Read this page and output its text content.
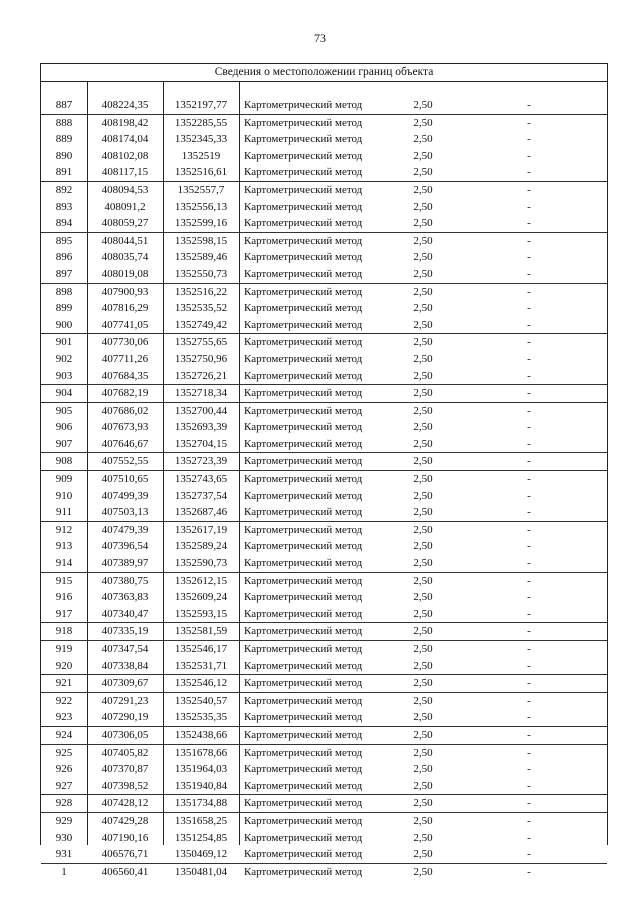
73
Сведения о местоположении границ объекта
887	408224,35	1352197,77	Картометрический метод	2,50	-
888	408198,42	1352285,55	Картометрический метод	2,50	-
889	408174,04	1352345,33	Картометрический метод	2,50	-
890	408102,08	1352519	Картометрический метод	2,50	-
891	408117,15	1352516,61	Картометрический метод	2,50	-
892	408094,53	1352557,7	Картометрический метод	2,50	-
893	408091,2	1352556,13	Картометрический метод	2,50	-
894	408059,27	1352599,16	Картометрический метод	2,50	-
895	408044,51	1352598,15	Картометрический метод	2,50	-
896	408035,74	1352589,46	Картометрический метод	2,50	-
897	408019,08	1352550,73	Картометрический метод	2,50	-
898	407900,93	1352516,22	Картометрический метод	2,50	-
899	407816,29	1352535,52	Картометрический метод	2,50	-
900	407741,05	1352749,42	Картометрический метод	2,50	-
901	407730,06	1352755,65	Картометрический метод	2,50	-
902	407711,26	1352750,96	Картометрический метод	2,50	-
903	407684,35	1352726,21	Картометрический метод	2,50	-
904	407682,19	1352718,34	Картометрический метод	2,50	-
905	407686,02	1352700,44	Картометрический метод	2,50	-
906	407673,93	1352693,39	Картометрический метод	2,50	-
907	407646,67	1352704,15	Картометрический метод	2,50	-
908	407552,55	1352723,39	Картометрический метод	2,50	-
909	407510,65	1352743,65	Картометрический метод	2,50	-
910	407499,39	1352737,54	Картометрический метод	2,50	-
911	407503,13	1352687,46	Картометрический метод	2,50	-
912	407479,39	1352617,19	Картометрический метод	2,50	-
913	407396,54	1352589,24	Картометрический метод	2,50	-
914	407389,97	1352590,73	Картометрический метод	2,50	-
915	407380,75	1352612,15	Картометрический метод	2,50	-
916	407363,83	1352609,24	Картометрический метод	2,50	-
917	407340,47	1352593,15	Картометрический метод	2,50	-
918	407335,19	1352581,59	Картометрический метод	2,50	-
919	407347,54	1352546,17	Картометрический метод	2,50	-
920	407338,84	1352531,71	Картометрический метод	2,50	-
921	407309,67	1352546,12	Картометрический метод	2,50	-
922	407291,23	1352540,57	Картометрический метод	2,50	-
923	407290,19	1352535,35	Картометрический метод	2,50	-
924	407306,05	1352438,66	Картометрический метод	2,50	-
925	407405,82	1351678,66	Картометрический метод	2,50	-
926	407370,87	1351964,03	Картометрический метод	2,50	-
927	407398,52	1351940,84	Картометрический метод	2,50	-
928	407428,12	1351734,88	Картометрический метод	2,50	-
929	407429,28	1351658,25	Картометрический метод	2,50	-
930	407190,16	1351254,85	Картометрический метод	2,50	-
931	406576,71	1350469,12	Картометрический метод	2,50	-
1	406560,41	1350481,04	Картометрический метод	2,50	-
